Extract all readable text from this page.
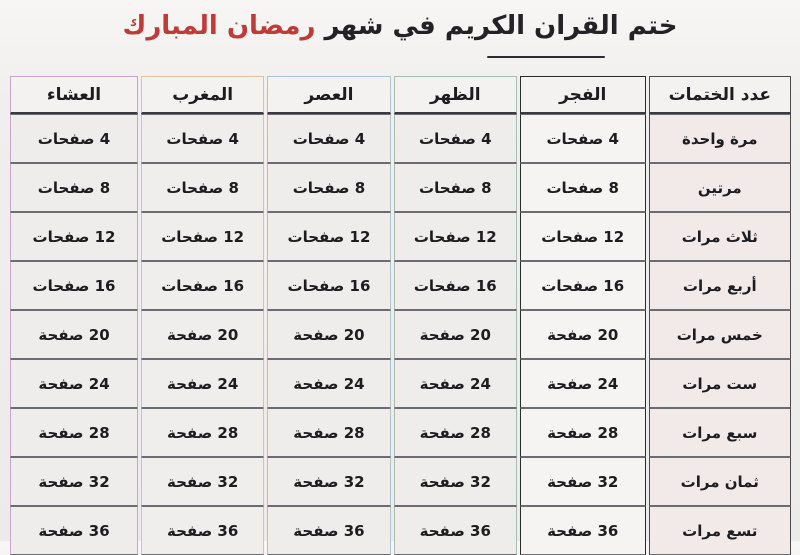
ختم القران الكريم في شهر رمضان المبارك
عدد الختمات	الفجر	الظهر	العصر	المغرب	العشاء
مرة واحدة	4 صفحات	4 صفحات	4 صفحات	4 صفحات	4 صفحات
مرتين	8 صفحات	8 صفحات	8 صفحات	8 صفحات	8 صفحات
ثلاث مرات	12 صفحات	12 صفحات	12 صفحات	12 صفحات	12 صفحات
أربع مرات	16 صفحات	16 صفحات	16 صفحات	16 صفحات	16 صفحات
خمس مرات	20 صفحة	20 صفحة	20 صفحة	20 صفحة	20 صفحة
ست مرات	24 صفحة	24 صفحة	24 صفحة	24 صفحة	24 صفحة
سبع مرات	28 صفحة	28 صفحة	28 صفحة	28 صفحة	28 صفحة
ثمان مرات	32 صفحة	32 صفحة	32 صفحة	32 صفحة	32 صفحة
تسع مرات	36 صفحة	36 صفحة	36 صفحة	36 صفحة	36 صفحة
